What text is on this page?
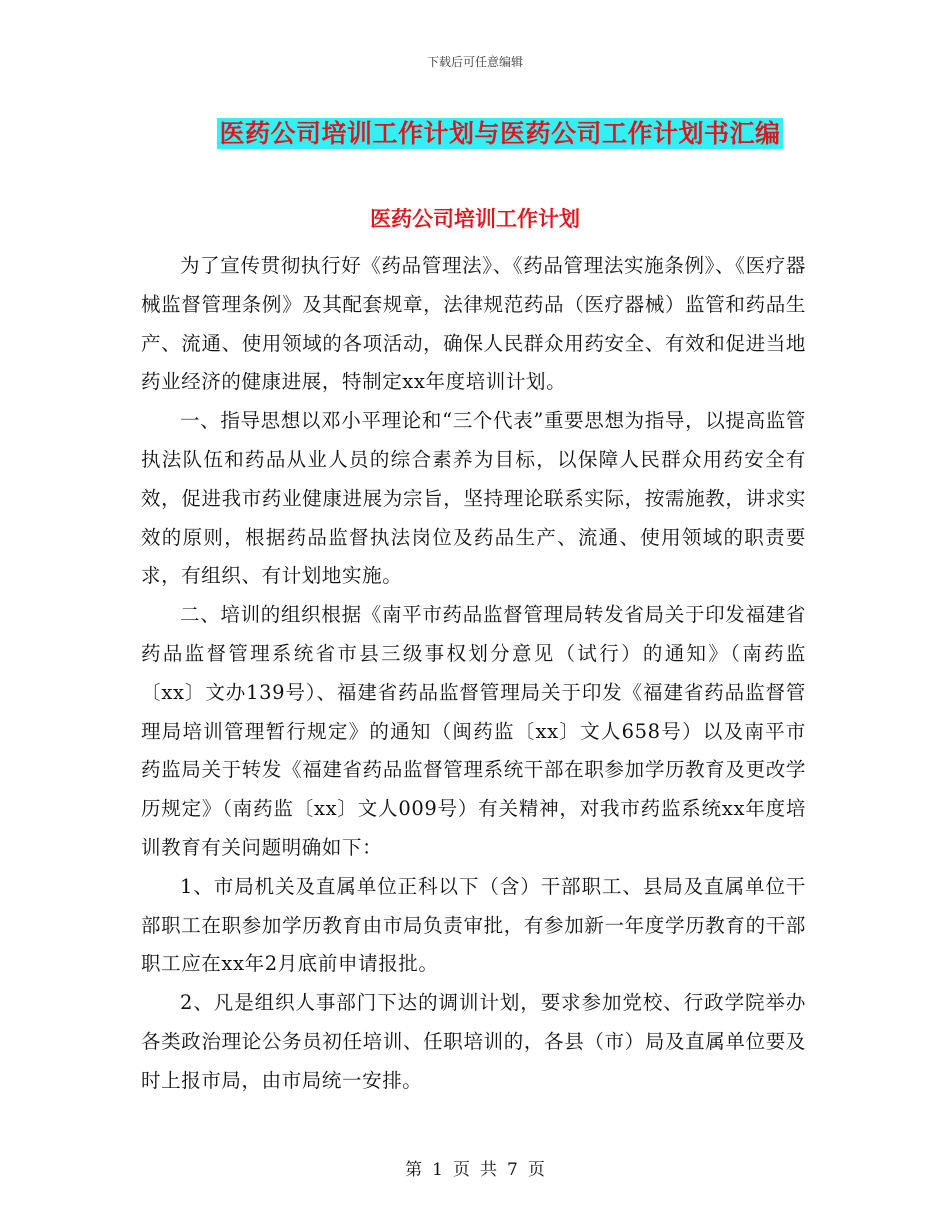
下载后可任意编辑
医药公司培训工作计划与医药公司工作计划书汇编
医药公司培训工作计划

为了宣传贯彻执行好《药品管理法》、《药品管理法实施条例》、《医疗器械监督管理条例》及其配套规章，法律规范药品（医疗器械）监管和药品生产、流通、使用领域的各项活动，确保人民群众用药安全、有效和促进当地药业经济的健康进展，特制定xx年度培训计划。

一、指导思想以邓小平理论和“三个代表”重要思想为指导，以提高监管执法队伍和药品从业人员的综合素养为目标，以保障人民群众用药安全有效，促进我市药业健康进展为宗旨，坚持理论联系实际，按需施教，讲求实效的原则，根据药品监督执法岗位及药品生产、流通、使用领域的职责要求，有组织、有计划地实施。

二、培训的组织根据《南平市药品监督管理局转发省局关于印发福建省药品监督管理系统省市县三级事权划分意见（试行）的通知》（南药监〔xx〕文办139号）、福建省药品监督管理局关于印发《福建省药品监督管理局培训管理暂行规定》的通知（闽药监〔xx〕文人658号）以及南平市药监局关于转发《福建省药品监督管理系统干部在职参加学历教育及更改学历规定》（南药监〔xx〕文人009号）有关精神，对我市药监系统xx年度培训教育有关问题明确如下：

1、市局机关及直属单位正科以下（含）干部职工、县局及直属单位干部职工在职参加学历教育由市局负责审批，有参加新一年度学历教育的干部职工应在xx年2月底前申请报批。

2、凡是组织人事部门下达的调训计划，要求参加党校、行政学院举办各类政治理论公务员初任培训、任职培训的，各县（市）局及直属单位要及时上报市局，由市局统一安排。

第 1 页 共 7 页
